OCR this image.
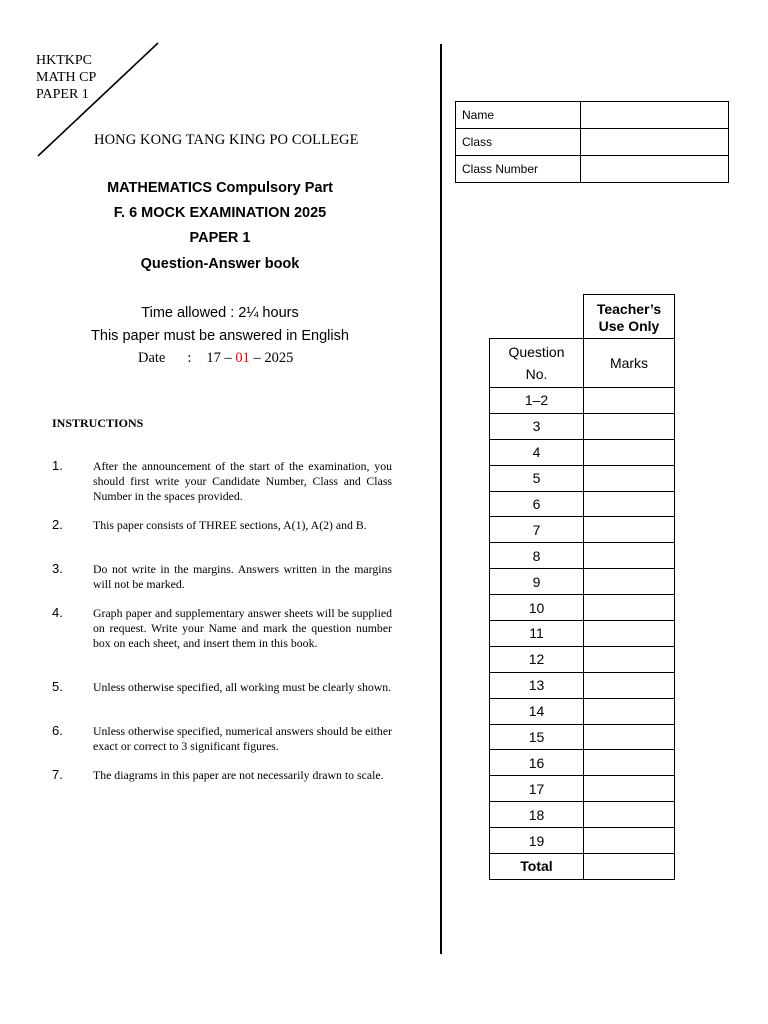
HKTKPC
MATH CP
PAPER 1
HONG KONG TANG KING PO COLLEGE
MATHEMATICS Compulsory Part
F. 6 MOCK EXAMINATION 2025
PAPER 1
Question-Answer book
Time allowed : 2¼ hours
This paper must be answered in English
Date : 17 – 01 – 2025
INSTRUCTIONS
1.	After the announcement of the start of the examination, you should first write your Candidate Number, Class and Class Number in the spaces provided.
2.	This paper consists of THREE sections, A(1), A(2) and B.
3.	Do not write in the margins. Answers written in the margins will not be marked.
4.	Graph paper and supplementary answer sheets will be supplied on request. Write your Name and mark the question number box on each sheet, and insert them in this book.
5.	Unless otherwise specified, all working must be clearly shown.
6.	Unless otherwise specified, numerical answers should be either exact or correct to 3 significant figures.
7.	The diagrams in this paper are not necessarily drawn to scale.
Name	
Class	
Class Number	
	Teacher’s Use Only

Question
No.	Marks
1–2	
3	
4	
5	
6	
7	
8	
9	
10	
11	
12	
13	
14	
15	
16	
17	
18	
19	
Total	
